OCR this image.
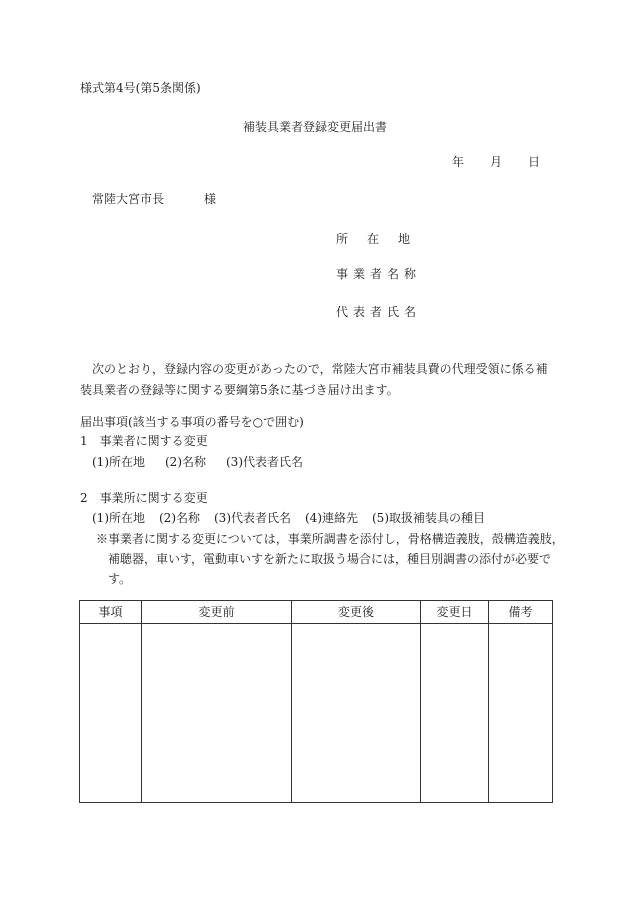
様式第4号(第5条関係)
補装具業者登録変更届出書
年 月 日
常陸大宮市長	様
所在地
事業者名称
代表者氏名
次のとおり，登録内容の変更があったので，常陸大宮市補装具費の代理受領に係る補装具業者の登録等に関する要綱第5条に基づき届け出ます。
届出事項(該当する事項の番号を○で囲む)
1　事業者に関する変更
(1)所在地 (2)名称 (3)代表者氏名
2　事業所に関する変更
(1)所在地 (2)名称 (3)代表者氏名 (4)連絡先 (5)取扱補装具の種目
※事業者に関する変更については，事業所調書を添付し，骨格構造義肢，殻構造義肢，補聴器，車いす，電動車いすを新たに取扱う場合には，種目別調書の添付が必要です。
事項	変更前	変更後	変更日	備考
